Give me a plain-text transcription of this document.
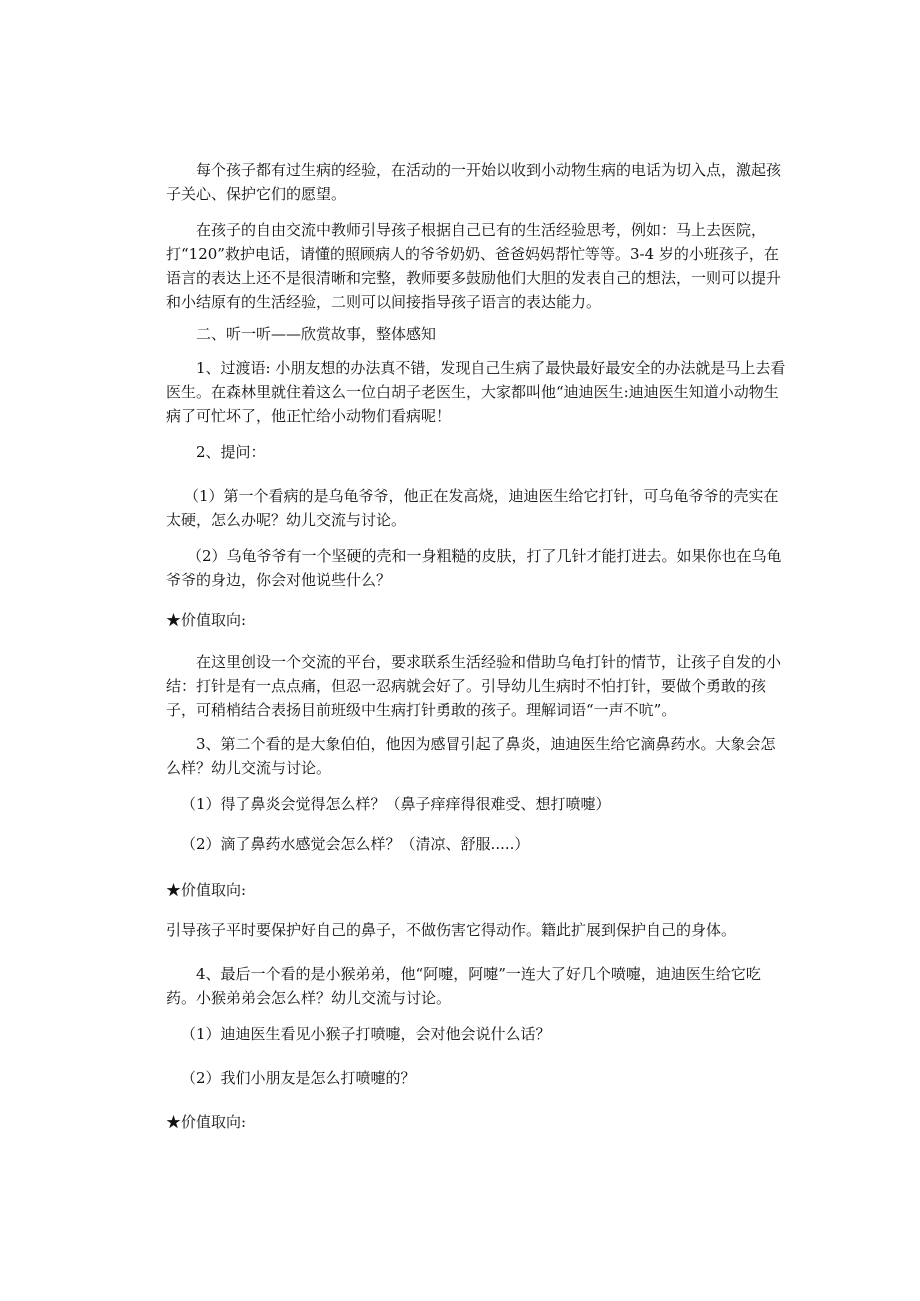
每个孩子都有过生病的经验，在活动的一开始以收到小动物生病的电话为切入点，激起孩子关心、保护它们的愿望。

在孩子的自由交流中教师引导孩子根据自己已有的生活经验思考，例如：马上去医院，打“120”救护电话，请懂的照顾病人的爷爷奶奶、爸爸妈妈帮忙等等。3-4 岁的小班孩子，在语言的表达上还不是很清晰和完整，教师要多鼓励他们大胆的发表自己的想法，一则可以提升和小结原有的生活经验，二则可以间接指导孩子语言的表达能力。

二、听一听——欣赏故事，整体感知

1、过渡语: 小朋友想的办法真不错，发现自己生病了最快最好最安全的办法就是马上去看医生。在森林里就住着这么一位白胡子老医生，大家都叫他“迪迪医生:迪迪医生知道小动物生病了可忙坏了，他正忙给小动物们看病呢！

2、提问：

（1）第一个看病的是乌龟爷爷，他正在发高烧，迪迪医生给它打针，可乌龟爷爷的壳实在太硬，怎么办呢？幼儿交流与讨论。

（2）乌龟爷爷有一个坚硬的壳和一身粗糙的皮肤，打了几针才能打进去。如果你也在乌龟爷爷的身边，你会对他说些什么？

★价值取向:

在这里创设一个交流的平台，要求联系生活经验和借助乌龟打针的情节，让孩子自发的小结：打针是有一点点痛，但忍一忍病就会好了。引导幼儿生病时不怕打针，要做个勇敢的孩子，可稍梢结合表扬目前班级中生病打针勇敢的孩子。理解词语“一声不吭”。

3、第二个看的是大象伯伯，他因为感冒引起了鼻炎，迪迪医生给它滴鼻药水。大象会怎么样？幼儿交流与讨论。

（1）得了鼻炎会觉得怎么样？（鼻子痒痒得很难受、想打喷嚏）

（2）滴了鼻药水感觉会怎么样？（清凉、舒服.....）

★价值取向:

引导孩子平时要保护好自己的鼻子，不做伤害它得动作。籍此扩展到保护自己的身体。

4、最后一个看的是小猴弟弟，他“阿嚏，阿嚏”一连大了好几个喷嚏，迪迪医生给它吃药。小猴弟弟会怎么样？幼儿交流与讨论。

（1）迪迪医生看见小猴子打喷嚏，会对他会说什么话？

（2）我们小朋友是怎么打喷嚏的？

★价值取向:
